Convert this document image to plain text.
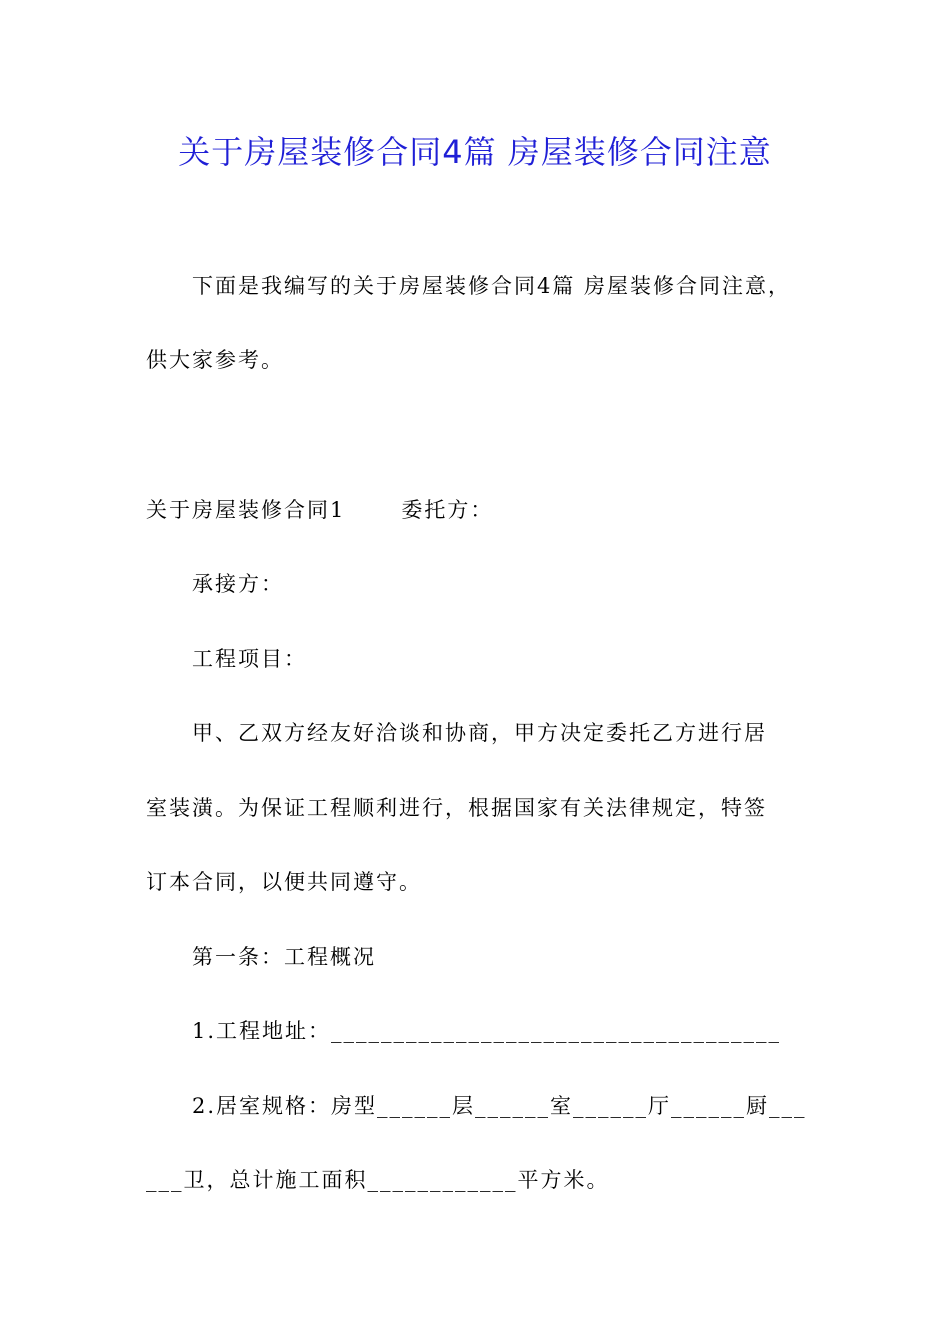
关于房屋装修合同4篇 房屋装修合同注意
下面是我编写的关于房屋装修合同4篇 房屋装修合同注意，
供大家参考。
关于房屋装修合同1	委托方：
承接方：
工程项目：
甲、乙双方经友好洽谈和协商，甲方决定委托乙方进行居
室装潢。为保证工程顺利进行，根据国家有关法律规定，特签
订本合同，以便共同遵守。
第一条：工程概况
1.工程地址：____________________________________
2.居室规格：房型______层______室______厅______厨___
___卫，总计施工面积____________平方米。
